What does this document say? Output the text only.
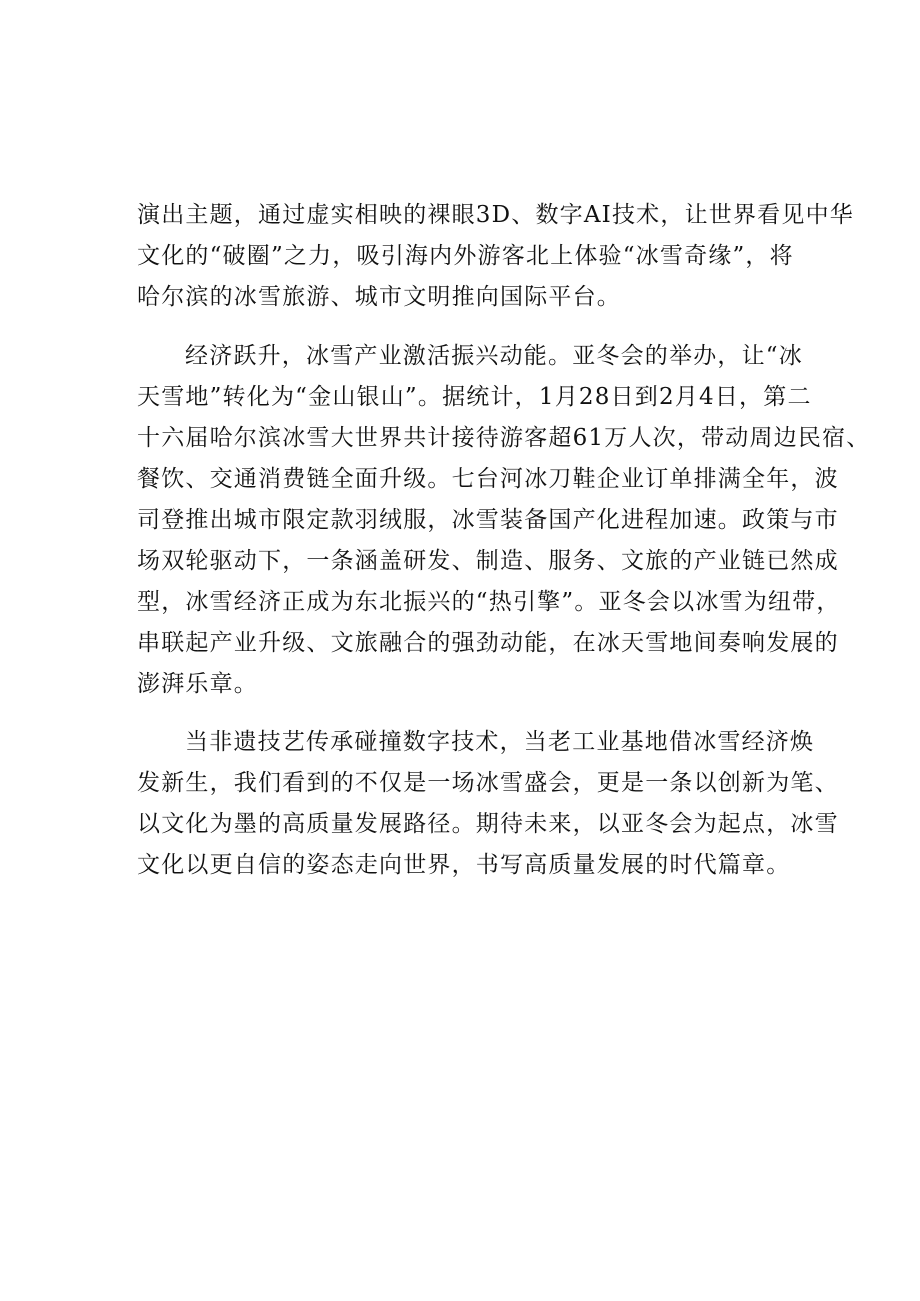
演出主题，通过虚实相映的裸眼3D、数字AI技术，让世界看见中华
文化的“破圈”之力，吸引海内外游客北上体验“冰雪奇缘”，将
哈尔滨的冰雪旅游、城市文明推向国际平台。
经济跃升，冰雪产业激活振兴动能。亚冬会的举办，让“冰
天雪地”转化为“金山银山”。据统计，1月28日到2月4日，第二
十六届哈尔滨冰雪大世界共计接待游客超61万人次，带动周边民宿、
餐饮、交通消费链全面升级。七台河冰刀鞋企业订单排满全年，波
司登推出城市限定款羽绒服，冰雪装备国产化进程加速。政策与市
场双轮驱动下，一条涵盖研发、制造、服务、文旅的产业链已然成
型，冰雪经济正成为东北振兴的“热引擎”。亚冬会以冰雪为纽带，
串联起产业升级、文旅融合的强劲动能，在冰天雪地间奏响发展的
澎湃乐章。
当非遗技艺传承碰撞数字技术，当老工业基地借冰雪经济焕
发新生，我们看到的不仅是一场冰雪盛会，更是一条以创新为笔、
以文化为墨的高质量发展路径。期待未来，以亚冬会为起点，冰雪
文化以更自信的姿态走向世界，书写高质量发展的时代篇章。
